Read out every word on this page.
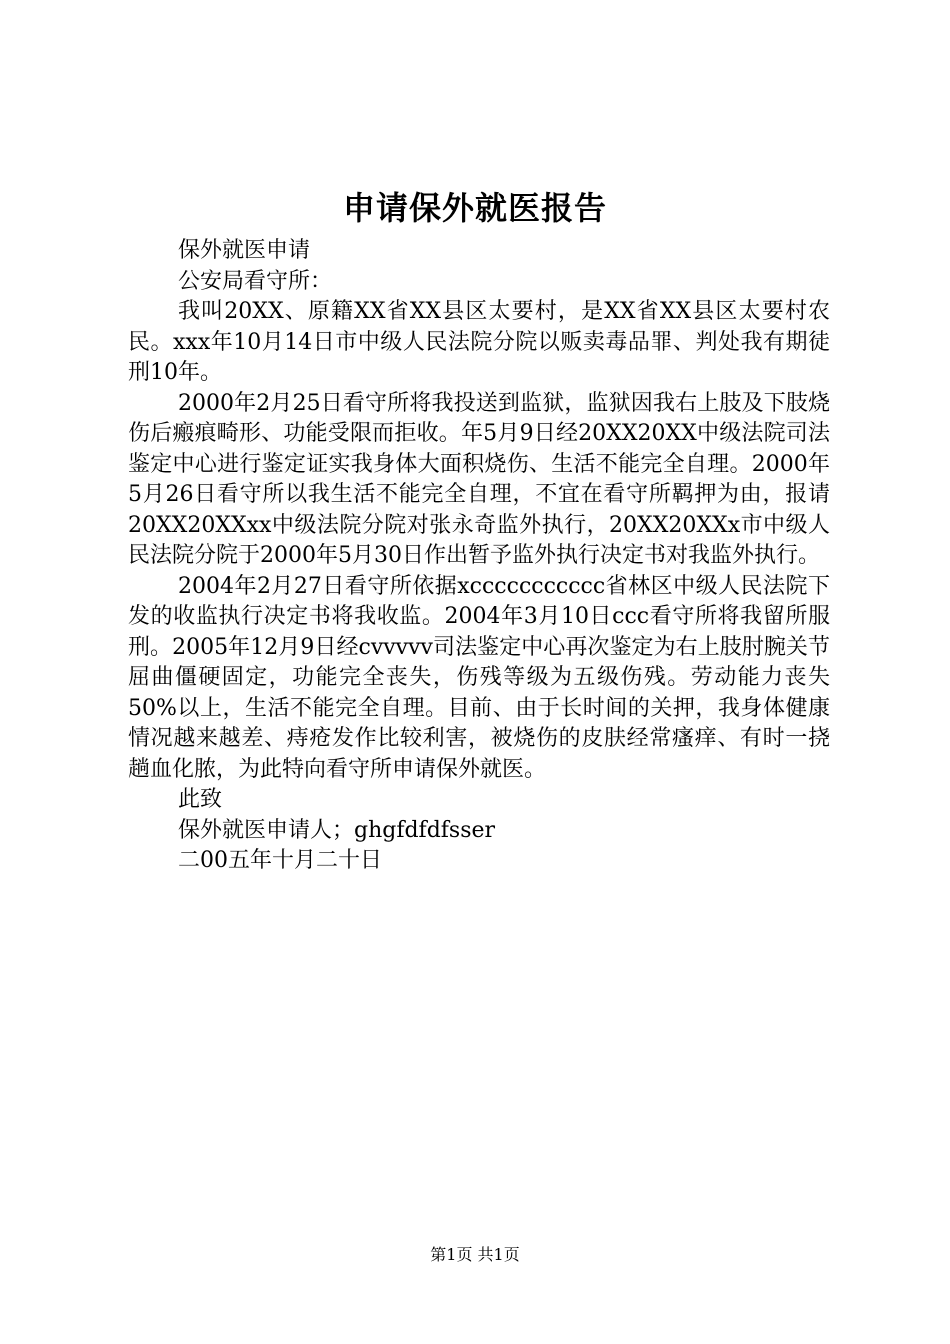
申请保外就医报告

保外就医申请

公安局看守所：

我叫20XX、原籍XX省XX县区太要村，是XX省XX县区太要村农民。xxx年10月14日市中级人民法院分院以贩卖毒品罪、判处我有期徒刑10年。

2000年2月25日看守所将我投送到监狱，监狱因我右上肢及下肢烧伤后瘢痕畸形、功能受限而拒收。年5月9日经20XX20XX中级法院司法鉴定中心进行鉴定证实我身体大面积烧伤、生活不能完全自理。2000年5月26日看守所以我生活不能完全自理，不宜在看守所羁押为由，报请20XX20XXxx中级法院分院对张永奇监外执行，20XX20XXx市中级人民法院分院于2000年5月30日作出暂予监外执行决定书对我监外执行。

2004年2月27日看守所依据xccccccccccc省林区中级人民法院下发的收监执行决定书将我收监。2004年3月10日ccc看守所将我留所服刑。2005年12月9日经cvvvvv司法鉴定中心再次鉴定为右上肢肘腕关节屈曲僵硬固定，功能完全丧失，伤残等级为五级伤残。劳动能力丧失50%以上，生活不能完全自理。目前、由于长时间的关押，我身体健康情况越来越差、痔疮发作比较利害，被烧伤的皮肤经常瘙痒、有时一挠趟血化脓，为此特向看守所申请保外就医。

此致

保外就医申请人；ghgfdfdfsser

二00五年十月二十日

第1页 共1页
